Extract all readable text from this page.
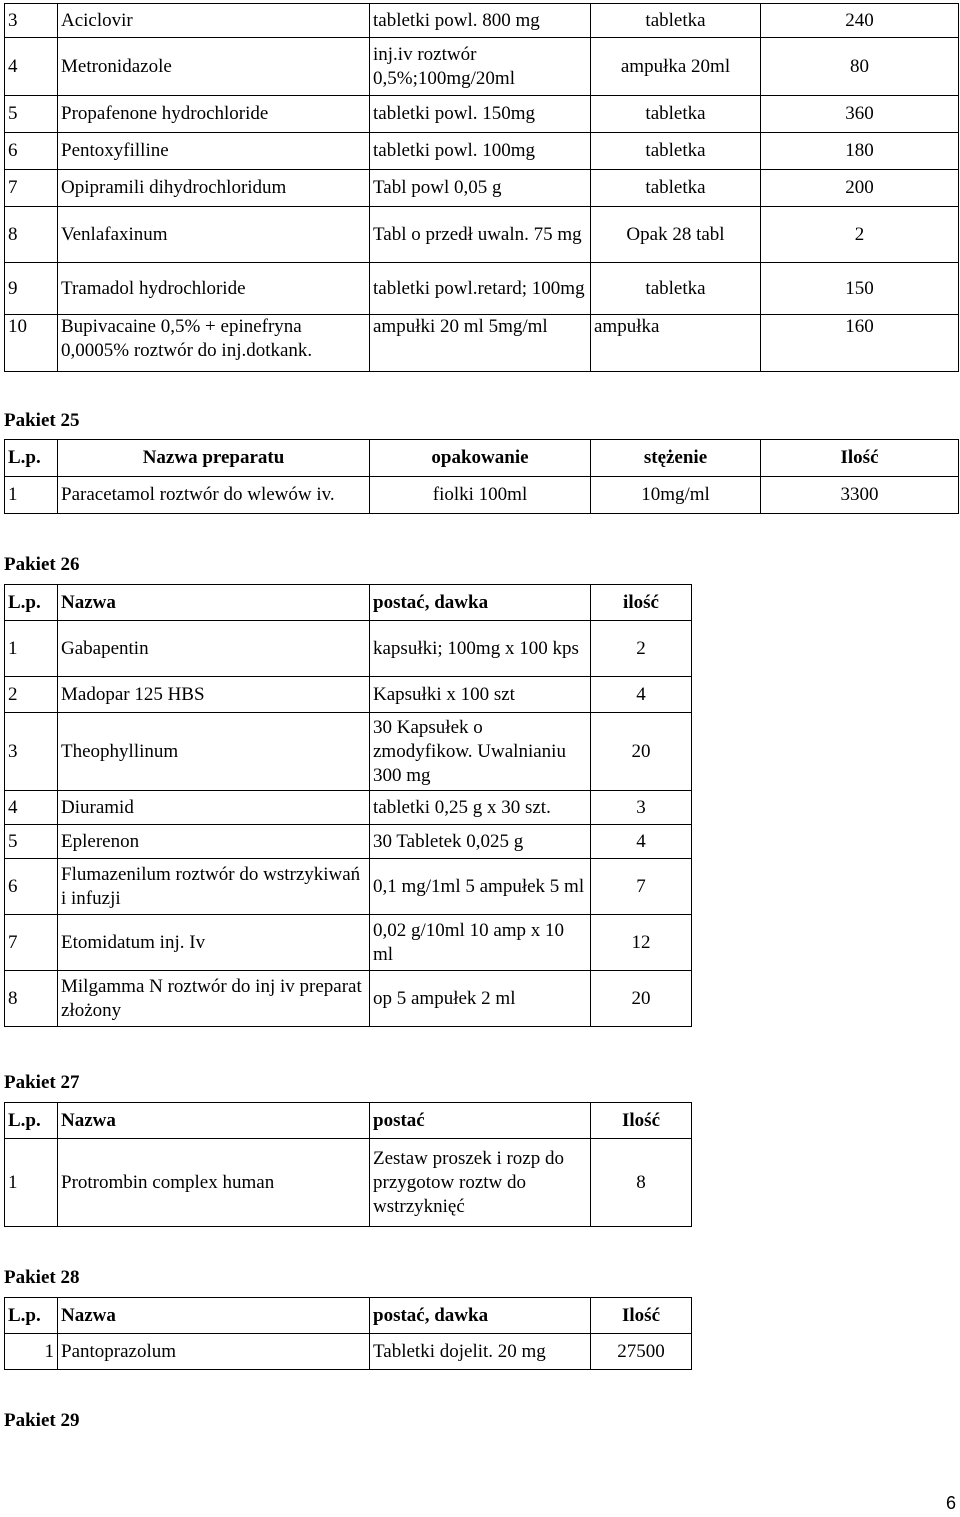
3	Aciclovir	tabletki powl. 800 mg	tabletka	240
4	Metronidazole	inj.iv roztwór 0,5%;100mg/20ml	ampułka 20ml	80
5	Propafenone hydrochloride	tabletki powl. 150mg	tabletka	360
6	Pentoxyfilline	tabletki powl. 100mg	tabletka	180
7	Opipramili dihydrochloridum	Tabl powl 0,05 g	tabletka	200
8	Venlafaxinum	Tabl o przedł uwaln. 75 mg	Opak 28 tabl	2
9	Tramadol hydrochloride	tabletki powl.retard; 100mg	tabletka	150
10	Bupivacaine 0,5% + epinefryna 0,0005% roztwór do inj.dotkank.	ampułki 20 ml 5mg/ml	ampułka	160
Pakiet 25
L.p.	Nazwa preparatu	opakowanie	stężenie	Ilość
1	Paracetamol roztwór do wlewów iv.	fiolki 100ml	10mg/ml	3300
Pakiet 26
L.p.	Nazwa	postać, dawka	ilość
1	Gabapentin	kapsułki; 100mg x 100 kps	2
2	Madopar 125 HBS	Kapsułki x 100 szt	4
3	Theophyllinum	30 Kapsułek o zmodyfikow. Uwalnianiu 300 mg	20
4	Diuramid	tabletki 0,25 g x 30 szt.	3
5	Eplerenon	30 Tabletek 0,025 g	4
6	Flumazenilum roztwór do wstrzykiwań i infuzji	0,1 mg/1ml 5 ampułek 5 ml	7
7	Etomidatum inj. Iv	0,02 g/10ml 10 amp x 10 ml	12
8	Milgamma N roztwór do inj iv preparat złożony	op 5 ampułek 2 ml	20
Pakiet 27
L.p.	Nazwa	postać	Ilość
1	Protrombin complex human	Zestaw proszek i rozp do przygotow roztw do wstrzyknięć	8
Pakiet 28
L.p.	Nazwa	postać, dawka	Ilość
1	Pantoprazolum	Tabletki dojelit. 20 mg	27500
Pakiet 29
6
